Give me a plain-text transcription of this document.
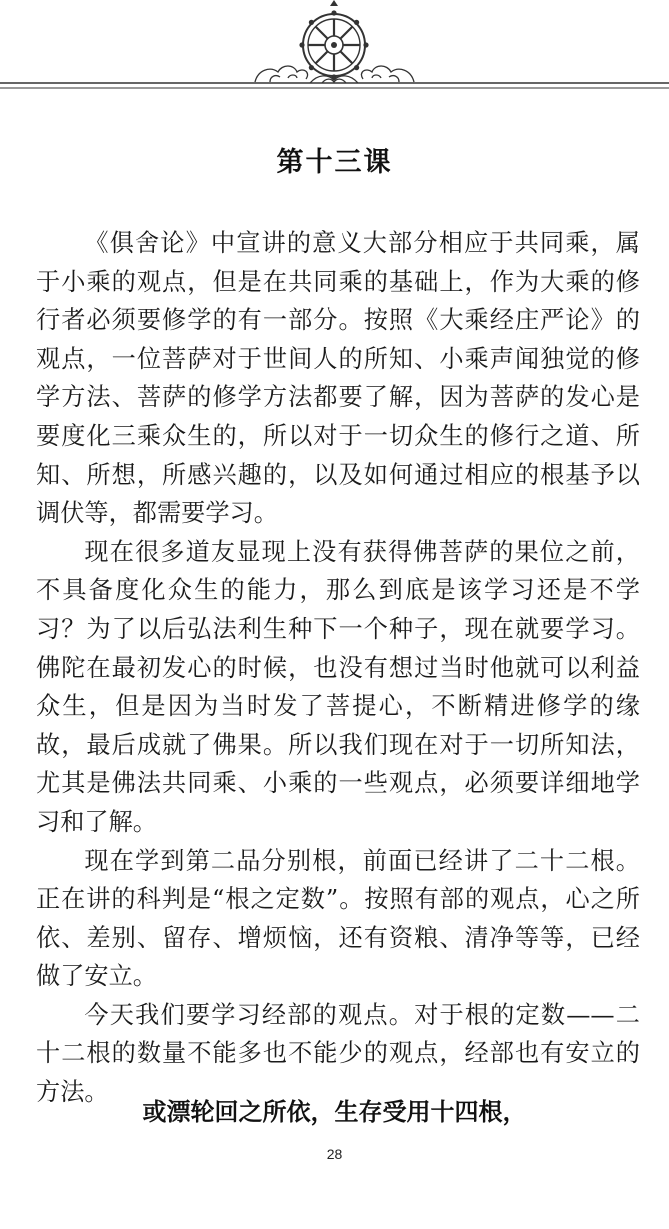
第十三课

《俱舍论》中宣讲的意义大部分相应于共同乘，属于小乘的观点，但是在共同乘的基础上，作为大乘的修行者必须要修学的有一部分。按照《大乘经庄严论》的观点，一位菩萨对于世间人的所知、小乘声闻独觉的修学方法、菩萨的修学方法都要了解，因为菩萨的发心是要度化三乘众生的，所以对于一切众生的修行之道、所知、所想，所感兴趣的，以及如何通过相应的根基予以调伏等，都需要学习。

现在很多道友显现上没有获得佛菩萨的果位之前，不具备度化众生的能力，那么到底是该学习还是不学习？为了以后弘法利生种下一个种子，现在就要学习。佛陀在最初发心的时候，也没有想过当时他就可以利益众生，但是因为当时发了菩提心，不断精进修学的缘故，最后成就了佛果。所以我们现在对于一切所知法，尤其是佛法共同乘、小乘的一些观点，必须要详细地学习和了解。

现在学到第二品分别根，前面已经讲了二十二根。正在讲的科判是“根之定数”。按照有部的观点，心之所依、差别、留存、增烦恼，还有资粮、清净等等，已经做了安立。

今天我们要学习经部的观点。对于根的定数——二十二根的数量不能多也不能少的观点，经部也有安立的方法。

或漂轮回之所依，生存受用十四根，

28
